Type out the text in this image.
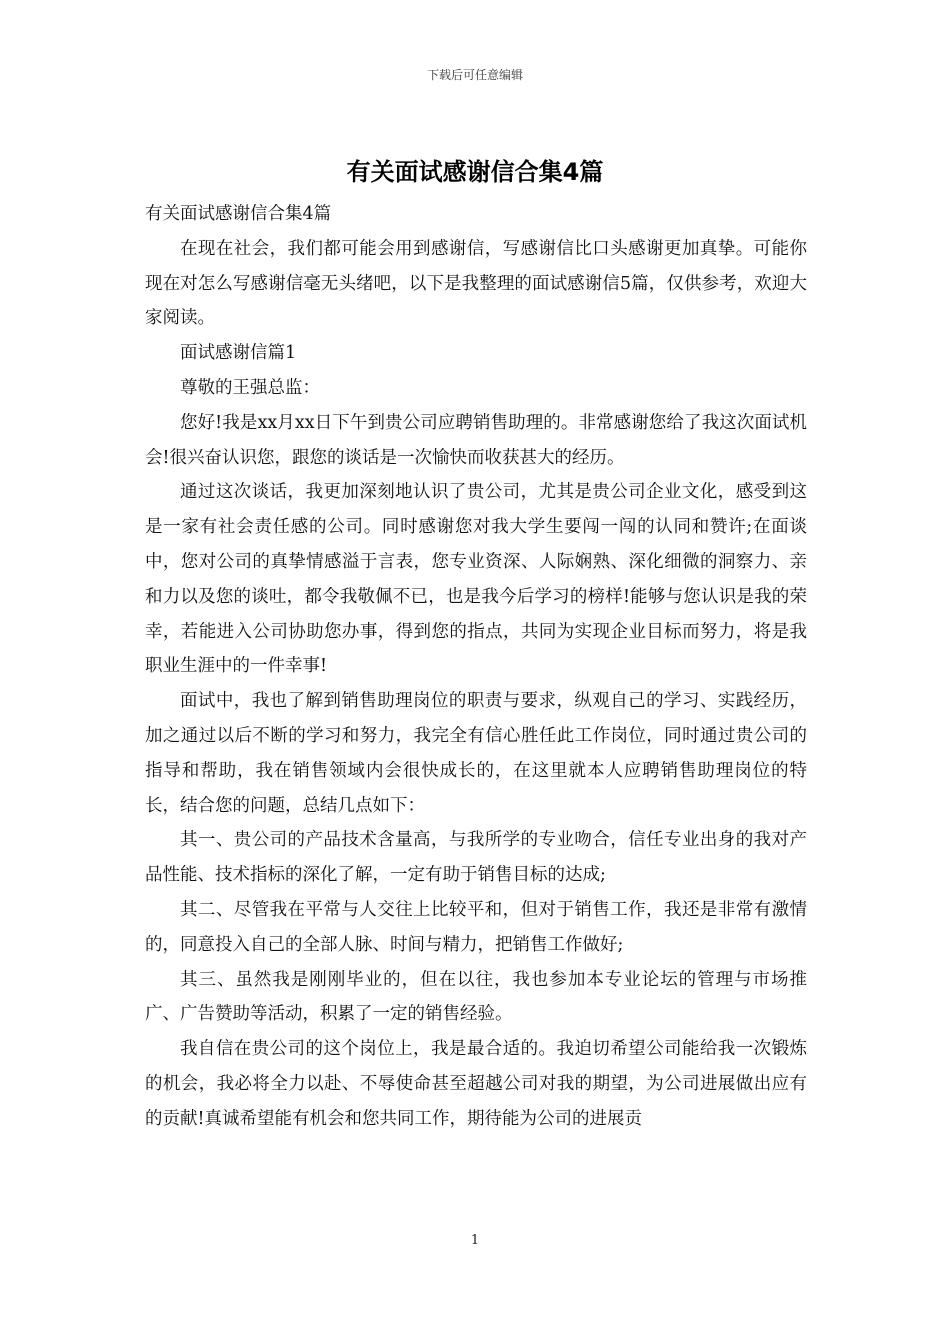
下载后可任意编辑
有关面试感谢信合集4篇

有关面试感谢信合集4篇

在现在社会，我们都可能会用到感谢信，写感谢信比口头感谢更加真挚。可能你现在对怎么写感谢信毫无头绪吧，以下是我整理的面试感谢信5篇，仅供参考，欢迎大家阅读。

面试感谢信篇1

尊敬的王强总监：

您好!我是xx月xx日下午到贵公司应聘销售助理的。非常感谢您给了我这次面试机会!很兴奋认识您，跟您的谈话是一次愉快而收获甚大的经历。

通过这次谈话，我更加深刻地认识了贵公司，尤其是贵公司企业文化，感受到这是一家有社会责任感的公司。同时感谢您对我大学生要闯一闯的认同和赞许;在面谈中，您对公司的真挚情感溢于言表，您专业资深、人际娴熟、深化细微的洞察力、亲和力以及您的谈吐，都令我敬佩不已，也是我今后学习的榜样!能够与您认识是我的荣幸，若能进入公司协助您办事，得到您的指点，共同为实现企业目标而努力，将是我职业生涯中的一件幸事!

面试中，我也了解到销售助理岗位的职责与要求，纵观自己的学习、实践经历，加之通过以后不断的学习和努力，我完全有信心胜任此工作岗位，同时通过贵公司的指导和帮助，我在销售领域内会很快成长的，在这里就本人应聘销售助理岗位的特长，结合您的问题，总结几点如下：

其一、贵公司的产品技术含量高，与我所学的专业吻合，信任专业出身的我对产品性能、技术指标的深化了解，一定有助于销售目标的达成;

其二、尽管我在平常与人交往上比较平和，但对于销售工作，我还是非常有激情的，同意投入自己的全部人脉、时间与精力，把销售工作做好;

其三、虽然我是刚刚毕业的，但在以往，我也参加本专业论坛的管理与市场推广、广告赞助等活动，积累了一定的销售经验。

我自信在贵公司的这个岗位上，我是最合适的。我迫切希望公司能给我一次锻炼的机会，我必将全力以赴、不辱使命甚至超越公司对我的期望，为公司进展做出应有的贡献!真诚希望能有机会和您共同工作，期待能为公司的进展贡

1
